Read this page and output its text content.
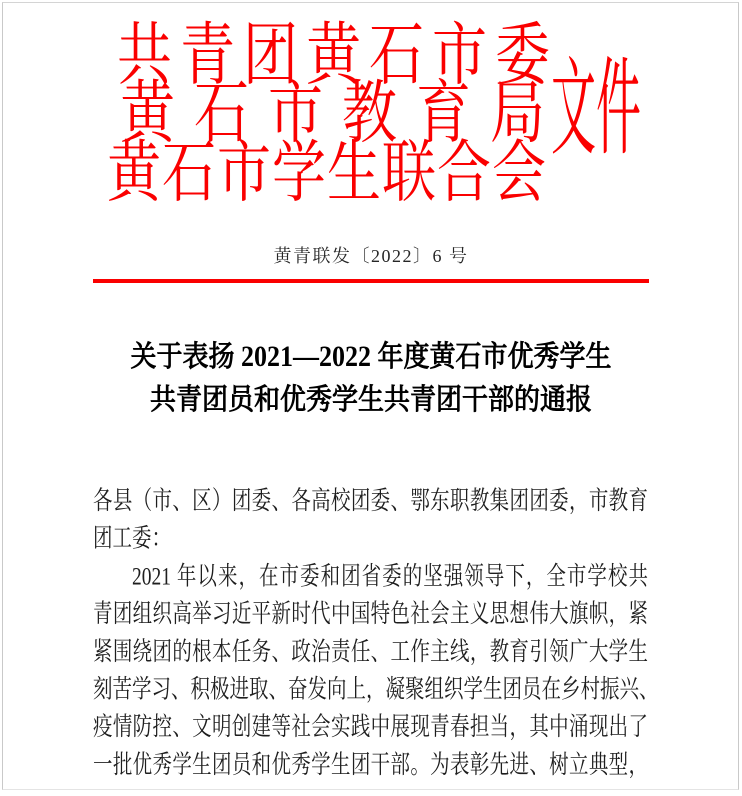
共青团黄石市委
黄石市教育局
黄石市学生联合会
文件
黄青联发〔2022〕6 号
关于表扬 2021—2022 年度黄石市优秀学生
共青团员和优秀学生共青团干部的通报
各县（市、区）团委、各高校团委、鄂东职教集团团委，市教育
团工委：
2021 年以来，在市委和团省委的坚强领导下，全市学校共
青团组织高举习近平新时代中国特色社会主义思想伟大旗帜，紧
紧围绕团的根本任务、政治责任、工作主线，教育引领广大学生
刻苦学习、积极进取、奋发向上，凝聚组织学生团员在乡村振兴、
疫情防控、文明创建等社会实践中展现青春担当，其中涌现出了
一批优秀学生团员和优秀学生团干部。为表彰先进、树立典型，
